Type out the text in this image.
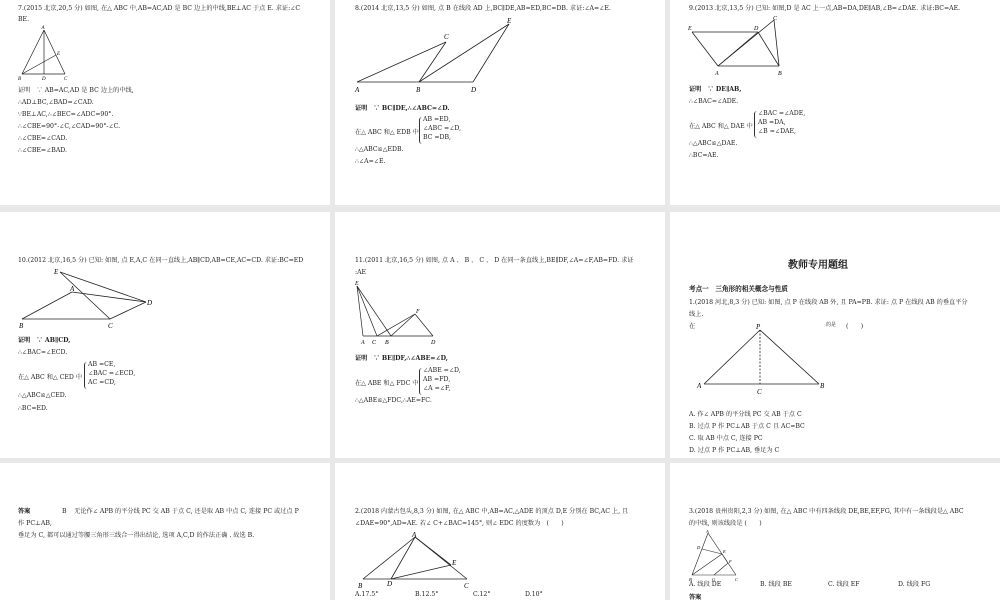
7.(2015 北京,20,5 分) 如图, 在△ ABC 中,AB=AC,AD 是 BC 边上的中线,BE⊥AC 于点 E. 求证:∠C
BE.
A
B	C
D
E
证明　∵ AB=AC,AD 是 BC 边上的中线,
∴AD⊥BC,∠BAD=∠CAD.
∵BE⊥AC,∴∠BEC=∠ADC=90°.
∴∠CBE=90°-∠C,∠CAD=90°-∠C.
∴∠CBE=∠CAD.
∴∠CBE=∠BAD.
8.(2014 北京,13,5 分) 如图, 点 B 在线段 AD 上,BC∥DE,AB=ED,BC=DB. 求证:∠A=∠E.
A	B
C
D
E
证明　∵ BC∥DE,∴∠ABC=∠D.
在△ ABC 和△ EDB 中
AB =ED,
∠ABC =∠D,
BC =DB,
∴△ABC≌△EDB.
∴∠A=∠E.
9.(2013 北京,13,5 分) 已知: 如图,D 是 AC 上一点,AB=DA,DE∥AB,∠B=∠DAE. 求证:BC=AE.
E	D
C
A	B
证明　∵ DE∥AB,
∴∠BAC=∠ADE.
在△ ABC 和△ DAE 中
∠BAC =∠ADE,
AB =DA,
∠B =∠DAE,
∴△ABC≌△DAE.
∴BC=AE.
10.(2012 北京,16,5 分) 已知: 如图, 点 E,A,C 在同一直线上,AB∥CD,AB=CE,AC=CD. 求证:BC=ED
E
A
B	C
D
证明　∵ AB∥CD,
∴∠BAC=∠ECD.
在△ ABC 和△ CED 中
AB =CE,
∠BAC =∠ECD,
AC =CD,
∴△ABC≌△CED.
∴BC=ED.
11.(2011 北京,16,5 分) 如图, 点 A 、 B 、 C 、 D 在同一条直线上,BE∥DF,∠A=∠F,AB=FD. 求证
:AE
E
F
A C B	D
证明　∵ BE∥DF,∴∠ABE=∠D,
在△ ABE 和△ FDC 中
∠ABE =∠D,
AB =FD,
∠A =∠F,
∴△ABE≌△FDC,∴AE=FC.
教师专用题组
考点一　三角形的相关概念与性质
1.(2018 河北,8,3 分) 已知: 如图, 点 P 在线段 AB 外, 且 PA=PB. 求证: 点 P 在线段 AB 的垂直平分
线上.
在	的是 (　　)
P
A
C
B
A. 作∠ APB 的平分线 PC 交 AB 于点 C
B. 过点 P 作 PC⊥AB 于点 C 且 AC=BC
C. 取 AB 中点 C, 连接 PC
D. 过点 P 作 PC⊥AB, 垂足为 C
答案	B 　无论作∠ APB 的平分线 PC 交 AB 于点 C, 还是取 AB 中点 C, 连接 PC 或过点 P
作 PC⊥AB,
垂足为 C, 都可以通过等腰三角形三线合一得出结论, 选项 A,C,D 的作法正确 . 故选 B.
2.(2018 内蒙古包头,8,3 分) 如图, 在△ ABC 中,AB=AC,△ADE 的顶点 D,E 分别在 BC,AC 上, 且
∠DAE=90°,AD=AE. 若∠ C+∠BAC=145°, 则∠ EDC 的度数为　(　　)
A
B	D
E
C
A.17.5°	B.12.5°	C.12°	D.10°
3.(2018 贵州贵阳,2,3 分) 如图, 在△ ABC 中有四条线段 DE,BE,EF,FG, 其中有一条线段是△ ABC
的中线, 则该线段是 (　　)
A
D
E
F
G
B	C
A. 线段 DE	B. 线段 BE	C. 线段 EF	D. 线段 FG
答案
